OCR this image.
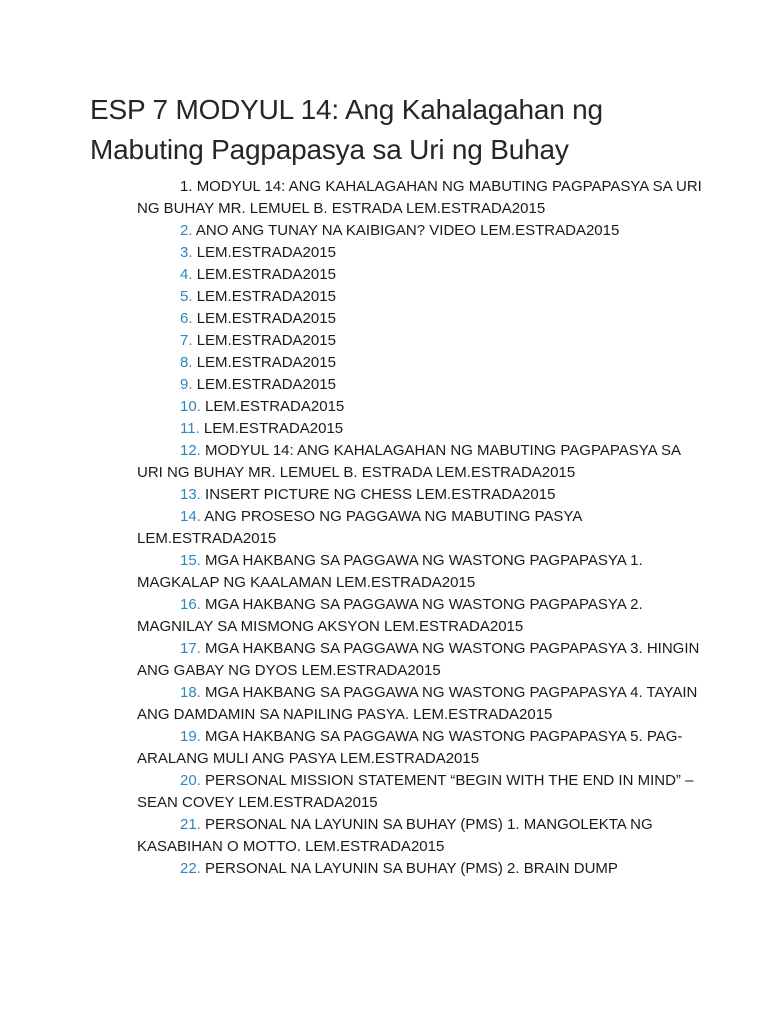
ESP 7 MODYUL 14: Ang Kahalagahan ng Mabuting Pagpapasya sa Uri ng Buhay
1. MODYUL 14: ANG KAHALAGAHAN NG MABUTING PAGPAPASYA SA URI NG BUHAY MR. LEMUEL B. ESTRADA LEM.ESTRADA2015
2. ANO ANG TUNAY NA KAIBIGAN? VIDEO LEM.ESTRADA2015
3. LEM.ESTRADA2015
4. LEM.ESTRADA2015
5. LEM.ESTRADA2015
6. LEM.ESTRADA2015
7. LEM.ESTRADA2015
8. LEM.ESTRADA2015
9. LEM.ESTRADA2015
10. LEM.ESTRADA2015
11. LEM.ESTRADA2015
12. MODYUL 14: ANG KAHALAGAHAN NG MABUTING PAGPAPASYA SA URI NG BUHAY MR. LEMUEL B. ESTRADA LEM.ESTRADA2015
13. INSERT PICTURE NG CHESS LEM.ESTRADA2015
14. ANG PROSESO NG PAGGAWA NG MABUTING PASYA LEM.ESTRADA2015
15. MGA HAKBANG SA PAGGAWA NG WASTONG PAGPAPASYA 1. MAGKALAP NG KAALAMAN LEM.ESTRADA2015
16. MGA HAKBANG SA PAGGAWA NG WASTONG PAGPAPASYA 2. MAGNILAY SA MISMONG AKSYON LEM.ESTRADA2015
17. MGA HAKBANG SA PAGGAWA NG WASTONG PAGPAPASYA 3. HINGIN ANG GABAY NG DYOS LEM.ESTRADA2015
18. MGA HAKBANG SA PAGGAWA NG WASTONG PAGPAPASYA 4. TAYAIN ANG DAMDAMIN SA NAPILING PASYA. LEM.ESTRADA2015
19. MGA HAKBANG SA PAGGAWA NG WASTONG PAGPAPASYA 5. PAG- ARALANG MULI ANG PASYA LEM.ESTRADA2015
20. PERSONAL MISSION STATEMENT “BEGIN WITH THE END IN MIND” –SEAN COVEY LEM.ESTRADA2015
21. PERSONAL NA LAYUNIN SA BUHAY (PMS) 1. MANGOLEKTA NG KASABIHAN O MOTTO. LEM.ESTRADA2015
22. PERSONAL NA LAYUNIN SA BUHAY (PMS) 2. BRAIN DUMP
